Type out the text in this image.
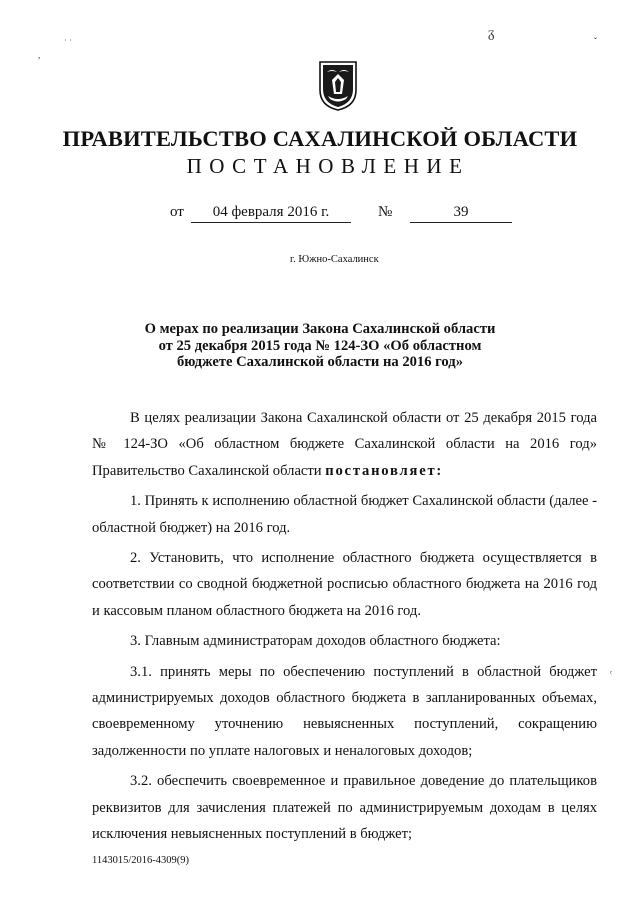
ПРАВИТЕЛЬСТВО САХАЛИНСКОЙ ОБЛАСТИ
ПОСТАНОВЛЕНИЕ
от	04 февраля 2016 г.	№	39
г. Южно-Сахалинск
О мерах по реализации Закона Сахалинской области
от 25 декабря 2015 года № 124-ЗО «Об областном
бюджете Сахалинской области на 2016 год»

В целях реализации Закона Сахалинской области от 25 декабря 2015 года № 124-ЗО «Об областном бюджете Сахалинской области на 2016 год» Правительство Сахалинской области постановляет:

1. Принять к исполнению областной бюджет Сахалинской области (далее - областной бюджет) на 2016 год.

2. Установить, что исполнение областного бюджета осуществляется в соответствии со сводной бюджетной росписью областного бюджета на 2016 год и кассовым планом областного бюджета на 2016 год.

3. Главным администраторам доходов областного бюджета:

3.1. принять меры по обеспечению поступлений в областной бюджет администрируемых доходов областного бюджета в запланированных объемах, своевременному уточнению невыясненных поступлений, сокращению задолженности по уплате налоговых и неналоговых доходов;

3.2. обеспечить своевременное и правильное доведение до плательщиков реквизитов для зачисления платежей по администрируемым доходам в целях исключения невыясненных поступлений в бюджет;

1143015/2016-4309(9)
,
˙ ˙
ᵹ	ˇ
ᶜ
